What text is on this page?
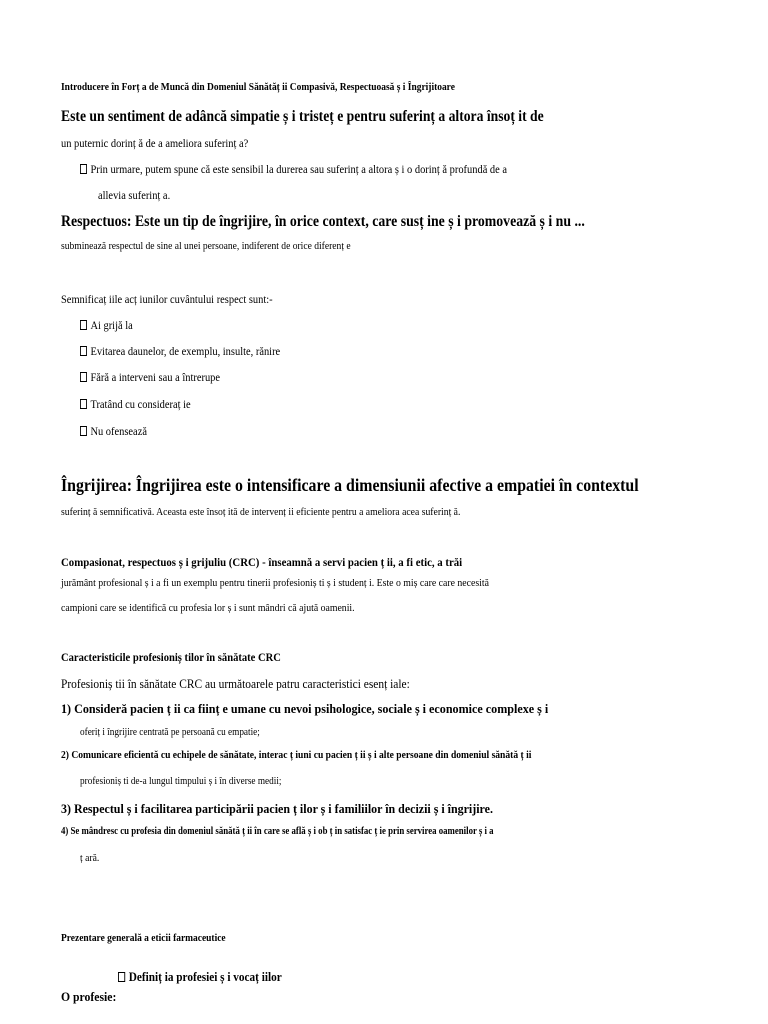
Introducere în Forț a de Muncă din Domeniul Sănătăț ii Compasivă, Respectuoasă ș i Îngrijitoare
Este un sentiment de adâncă simpatie ș i tristeț e pentru suferinț a altora însoț it de
un puternic dorinț ă de a ameliora suferinț a?
Prin urmare, putem spune că este sensibil la durerea sau suferinț a altora ș i o dorinț ă profundă de a
allevia suferinț a.
Respectuos: Este un tip de îngrijire, în orice context, care susț ine ș i promovează ș i nu ...
subminează respectul de sine al unei persoane, indiferent de orice diferenț e
Semnificaț iile acț iunilor cuvântului respect sunt:-
Ai grijă la
Evitarea daunelor, de exemplu, insulte, rănire
Fără a interveni sau a întrerupe
Tratând cu consideraț ie
Nu ofensează
Îngrijirea: Îngrijirea este o intensificare a dimensiunii afective a empatiei în contextul
suferinț ă semnificativă. Aceasta este însoț ită de intervenț ii eficiente pentru a ameliora acea suferinț ă.
Compasionat, respectuos ș i grijuliu (CRC) - înseamnă a servi pacien ț ii, a fi etic, a trăi
jurământ profesional ș i a fi un exemplu pentru tinerii profesioniș ti ș i studenț i. Este o miș care care necesită
campioni care se identifică cu profesia lor ș i sunt mândri că ajută oamenii.
Caracteristicile profesioniș tilor în sănătate CRC
Profesioniș tii în sănătate CRC au următoarele patru caracteristici esenț iale:
1) Consideră pacien ț ii ca ființ e umane cu nevoi psihologice, sociale ș i economice complexe ș i
oferiț i îngrijire centrată pe persoană cu empatie;
2) Comunicare eficientă cu echipele de sănătate, interac ț iuni cu pacien ț ii ș i alte persoane din domeniul sănătă ț ii
profesioniș ti de-a lungul timpului ș i în diverse medii;
3) Respectul ș i facilitarea participării pacien ț ilor ș i familiilor în decizii ș i îngrijire.
4) Se mândresc cu profesia din domeniul sănătă ț ii în care se află ș i ob ț in satisfac ț ie prin servirea oamenilor ș i a
ț ară.
Prezentare generală a eticii farmaceutice
Definiț ia profesiei ș i vocaț iilor
O profesie:
